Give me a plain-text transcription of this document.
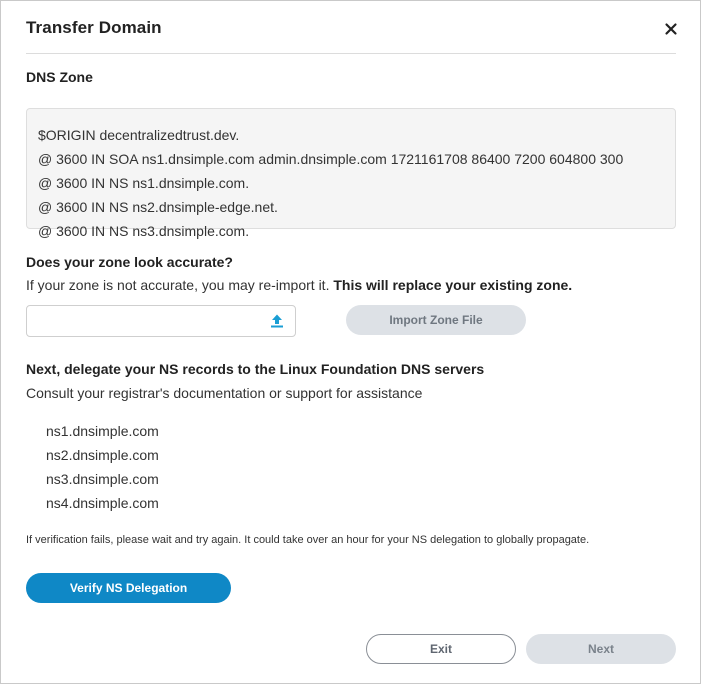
Transfer Domain
DNS Zone
$ORIGIN decentralizedtrust.dev.
@ 3600 IN SOA ns1.dnsimple.com admin.dnsimple.com 1721161708 86400 7200 604800 300
@ 3600 IN NS ns1.dnsimple.com.
@ 3600 IN NS ns2.dnsimple-edge.net.
@ 3600 IN NS ns3.dnsimple.com.
Does your zone look accurate?
If your zone is not accurate, you may re-import it. This will replace your existing zone.
Import Zone File
Next, delegate your NS records to the Linux Foundation DNS servers
Consult your registrar's documentation or support for assistance
ns1.dnsimple.com
ns2.dnsimple.com
ns3.dnsimple.com
ns4.dnsimple.com
If verification fails, please wait and try again. It could take over an hour for your NS delegation to globally propagate.
Verify NS Delegation
Exit	Next
